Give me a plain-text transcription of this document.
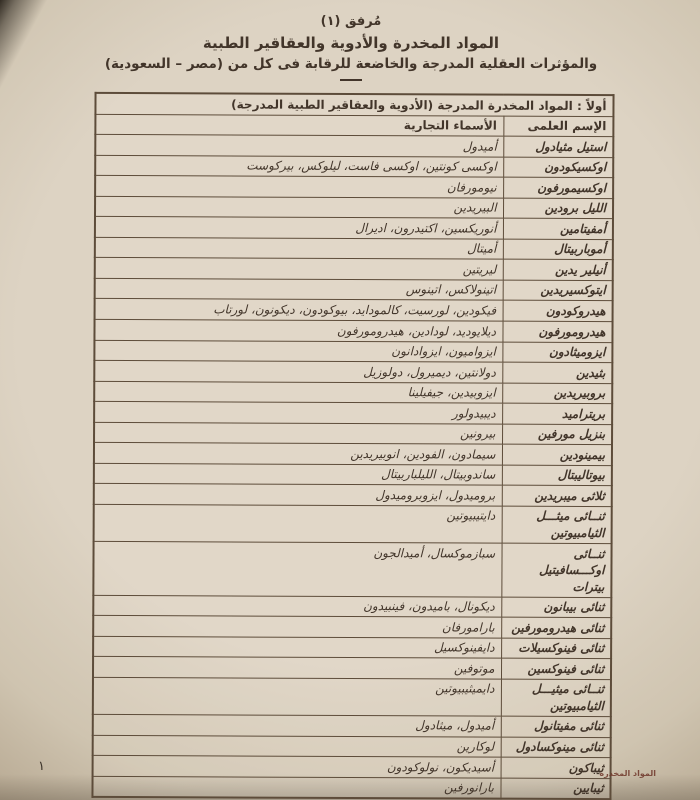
مُرفق (١)
المواد المخدرة والأدوية والعقاقير الطبية
والمؤثرات العقلية المدرجة والخاضعة للرقابة فى كل من (مصر – السعودية)
أولاً : المواد المخدرة المدرجة (الأدوية والعقاقير الطبية المدرجة)	
الإسم العلمى	الأسماء التجارية
استيل مثيادول	أميدول
اوكسيكودون	اوكسى كونتين، اوكسى فاست، ليلوكس، بيركوست
اوكسيمورفون	نيومورفان
الليل برودين	البيريدين
أمفيتامين	أنوريكسين، اكتيدرون، اديرال
أموباربيتال	أميتال
أنيلير يدين	ليريتين
ايتوكسيريدين	اتينولاكس، اتينوس
هيدروكودون	فيكودين، لورسيت، كالموداید، بيوكودون، ديكونون، لورتاب
هيدرومورفون	ديلايوديد، لودادين، هيدرومورفون
ايزوميثادون	ايزواميون، ايزوادانون
بثيدين	دولانتين، ديميرول، دولوزيل
بروبيريدين	ايزوبيدين، جيفيلينا
بريتراميد	ديبيدولور
بنزيل مورفين	بيرونين
بيمينودين	سيمادون، الفودين، انوبيريدين
بيوتاليبتال	ساندوبيتال، الليلباربيتال
ثلاثى ميبريدين	بروميدول، ايزوبروميدول
ثنــائى ميثـــل
الثيامبيوتين	دايتيبيوتين
ثنــائى اوكـــسافيتيل
بيترات	سبازموكسال، أميدالجون
ثنائى بيبانون	ديكونال، باميدون، فينبيدون
ثنائى هيدرومورفين	بارامورفان
ثنائى فينوكسيلات	دايفينوكسيل
ثنائى فينوكسين	موتوفين
ثنــائى ميثيـــل
الثيامبيوتين	دايميثيبيوتين
ثنائى مفيتانول	أميدول، ميثادول
ثنائى مينوكسادول	لوكارين
ثيباكون	أسيديكون، نولوكودون
ثيبايين	بارانورفين
١	المواد المخدرة
